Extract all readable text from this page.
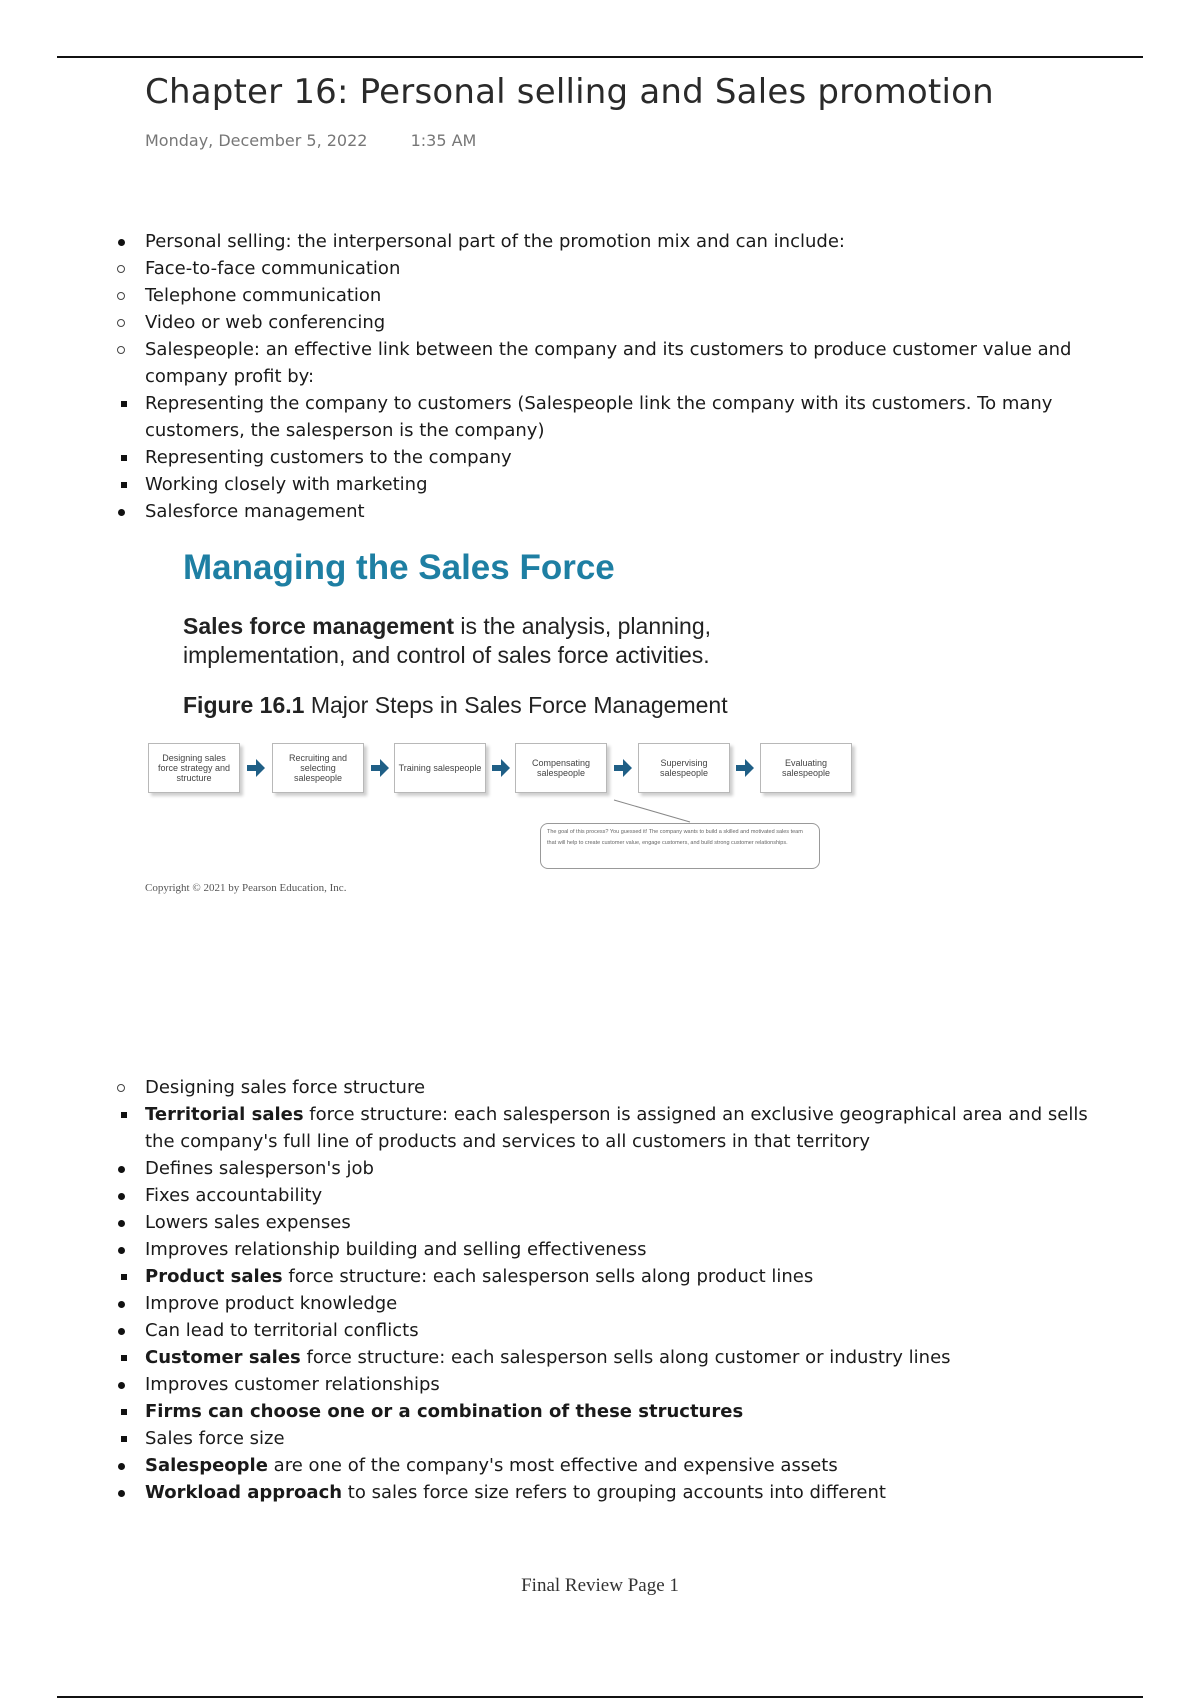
Chapter 16: Personal selling and Sales promotion
Monday, December 5, 2022	1:35 AM
Personal selling: the interpersonal part of the promotion mix and can include:
Face-to-face communication
Telephone communication
Video or web conferencing
Salespeople: an effective link between the company and its customers to produce customer value and company profit by:
Representing the company to customers (Salespeople link the company with its customers. To many customers, the salesperson is the company)
Representing customers to the company
Working closely with marketing
Salesforce management
Managing the Sales Force
Sales force management is the analysis, planning, implementation, and control of sales force activities.
Figure 16.1 Major Steps in Sales Force Management
Designing sales force strategy and structure
Recruiting and selecting salespeople
Training salespeople	Compensating salespeople
Supervising salespeople
Evaluating salespeople
The goal of this process? You guessed it! The company wants to build a skilled and motivated sales team that will help to create customer value, engage customers, and build strong customer relationships.
Copyright © 2021 by Pearson Education, Inc.
Designing sales force structure
Territorial sales force structure: each salesperson is assigned an exclusive geographical area and sells the company's full line of products and services to all customers in that territory
Defines salesperson's job
Fixes accountability
Lowers sales expenses
Improves relationship building and selling effectiveness
Product sales force structure: each salesperson sells along product lines
Improve product knowledge
Can lead to territorial conflicts
Customer sales force structure: each salesperson sells along customer or industry lines
Improves customer relationships
Firms can choose one or a combination of these structures
Sales force size
Salespeople are one of the company's most effective and expensive assets
Workload approach to sales force size refers to grouping accounts into different
Final Review Page 1
